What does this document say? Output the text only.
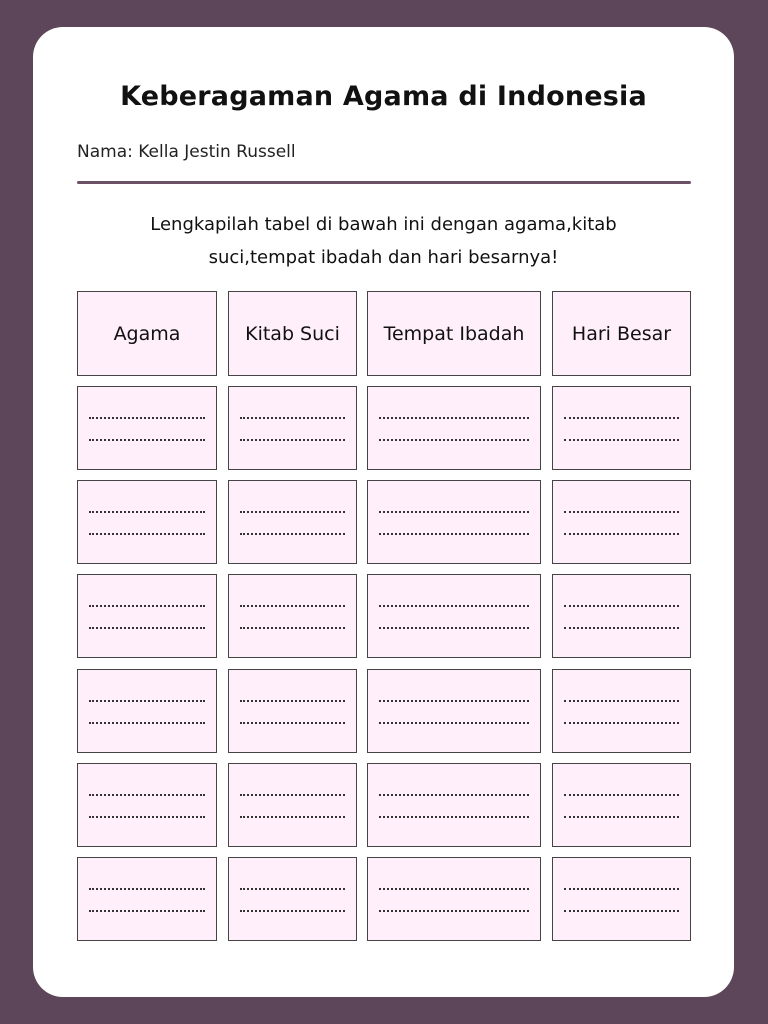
Keberagaman Agama di Indonesia
Nama: Kella Jestin Russell
Lengkapilah tabel di bawah ini dengan agama,kitab suci,tempat ibadah dan hari besarnya!
Agama	Kitab Suci	Tempat Ibadah	Hari Besar
